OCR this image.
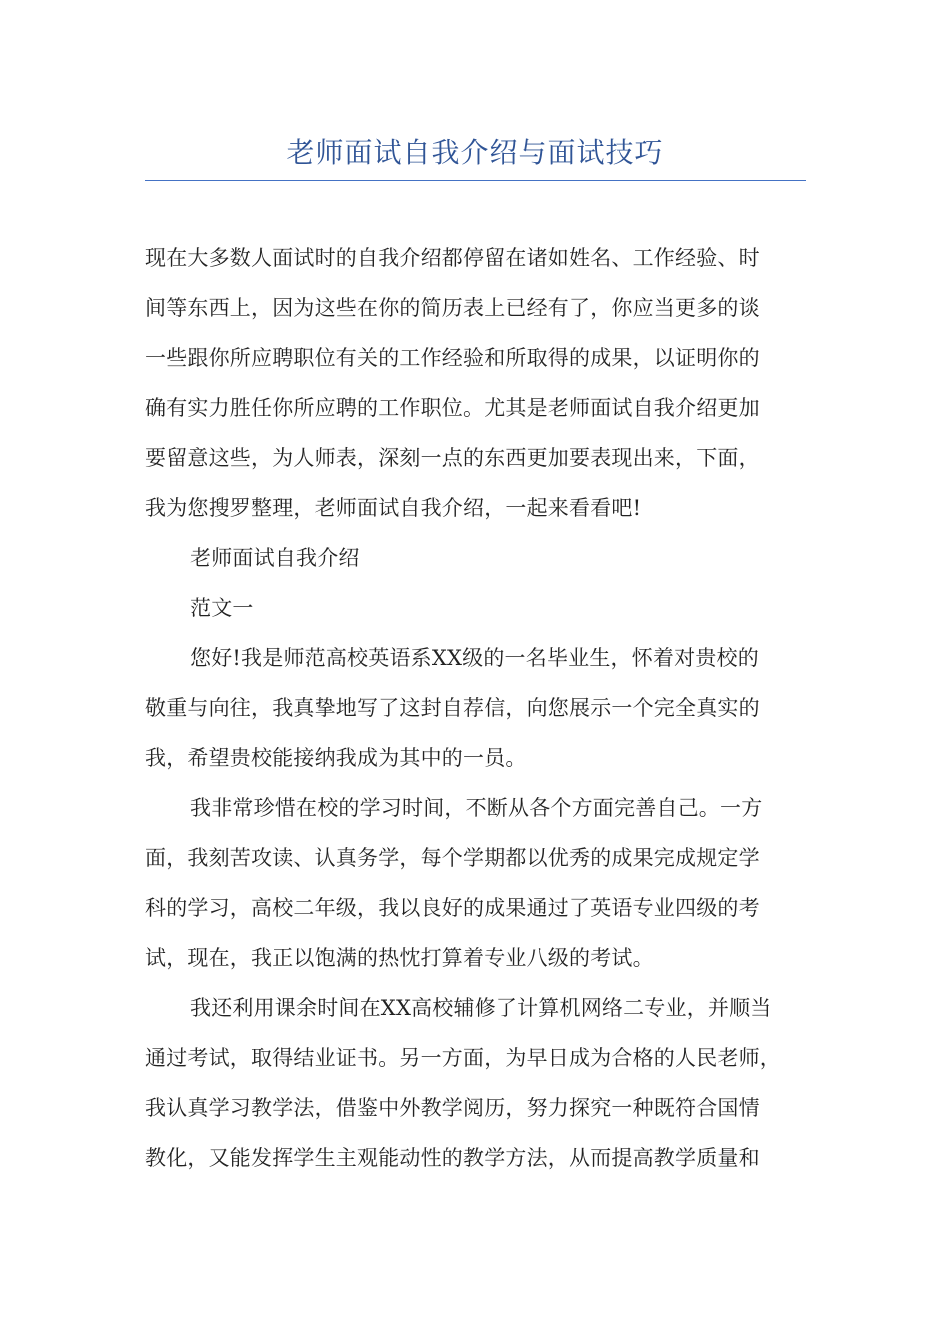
老师面试自我介绍与面试技巧
现在大多数人面试时的自我介绍都停留在诸如姓名、工作经验、时
间等东西上，因为这些在你的简历表上已经有了，你应当更多的谈
一些跟你所应聘职位有关的工作经验和所取得的成果，以证明你的
确有实力胜任你所应聘的工作职位。尤其是老师面试自我介绍更加
要留意这些，为人师表，深刻一点的东西更加要表现出来，下面，
我为您搜罗整理，老师面试自我介绍，一起来看看吧!
老师面试自我介绍
范文一
您好!我是师范高校英语系XX级的一名毕业生，怀着对贵校的
敬重与向往，我真挚地写了这封自荐信，向您展示一个完全真实的
我，希望贵校能接纳我成为其中的一员。
我非常珍惜在校的学习时间，不断从各个方面完善自己。一方
面，我刻苦攻读、认真务学，每个学期都以优秀的成果完成规定学
科的学习，高校二年级，我以良好的成果通过了英语专业四级的考
试，现在，我正以饱满的热忱打算着专业八级的考试。
我还利用课余时间在XX高校辅修了计算机网络二专业，并顺当
通过考试，取得结业证书。另一方面，为早日成为合格的人民老师，
我认真学习教学法，借鉴中外教学阅历，努力探究一种既符合国情
教化，又能发挥学生主观能动性的教学方法，从而提高教学质量和
